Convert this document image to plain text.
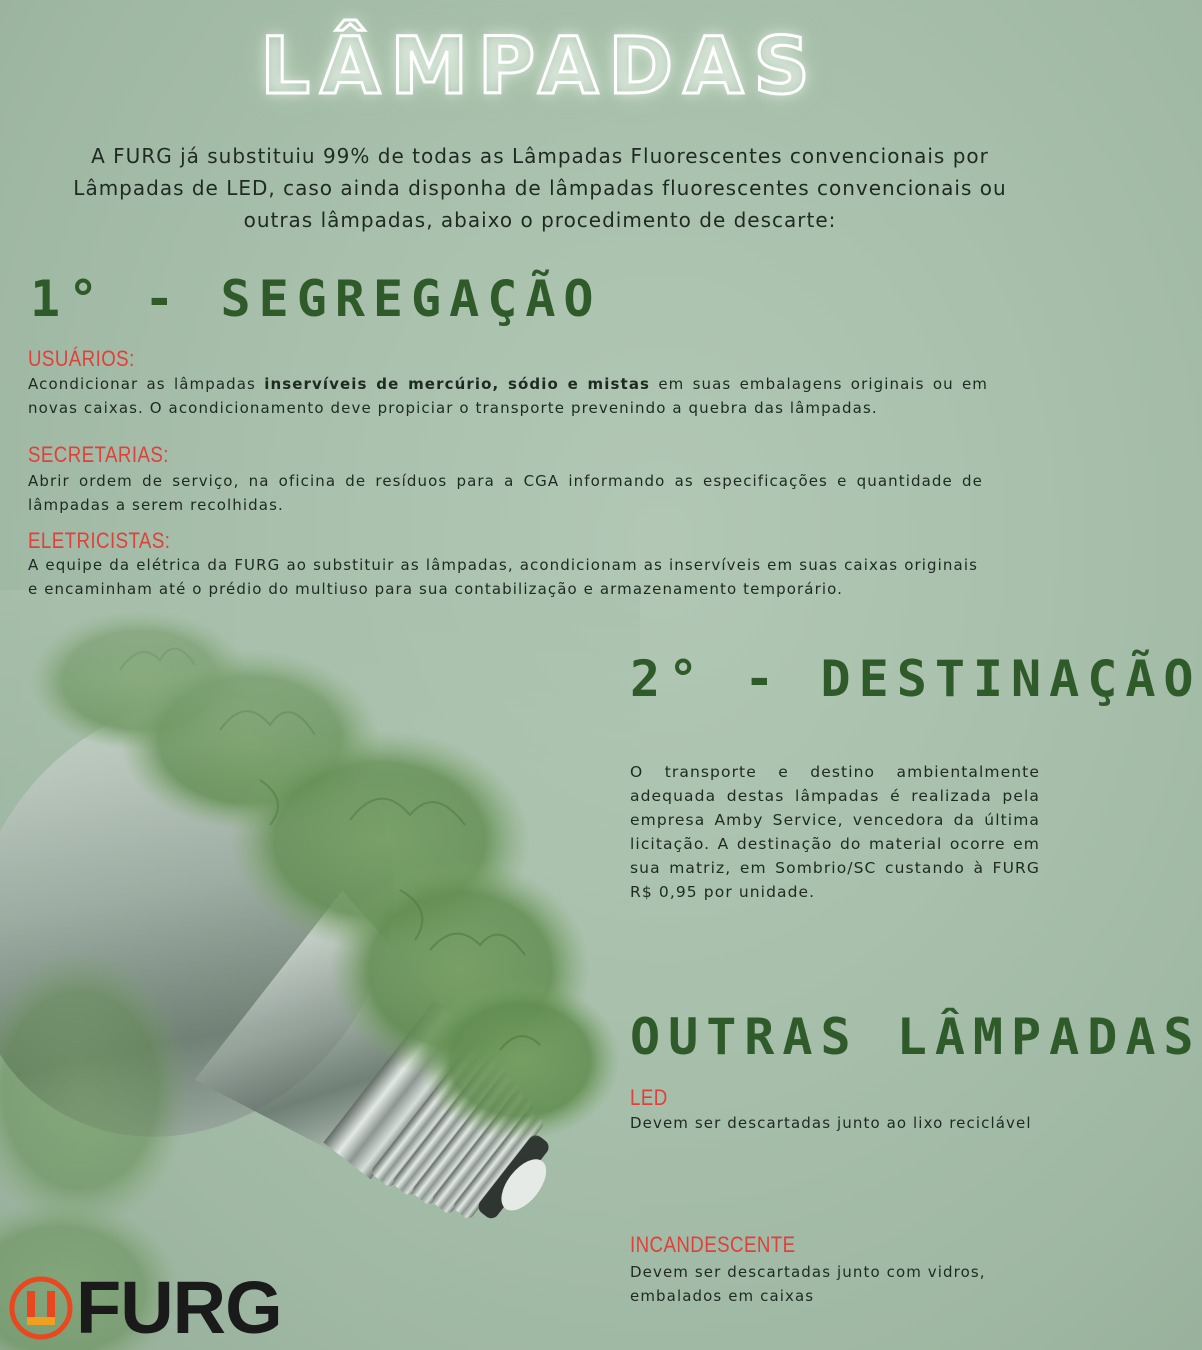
LÂMPADAS
A FURG já substituiu 99% de todas as Lâmpadas Fluorescentes convencionais por Lâmpadas de LED, caso ainda disponha de lâmpadas fluorescentes convencionais ou outras lâmpadas, abaixo o procedimento de descarte:
1° - SEGREGAÇÃO
USUÁRIOS:
Acondicionar as lâmpadas inservíveis de mercúrio, sódio e mistas em suas embalagens originais ou em novas caixas. O acondicionamento deve propiciar o transporte prevenindo a quebra das lâmpadas.
SECRETARIAS:
Abrir ordem de serviço, na oficina de resíduos para a CGA informando as especificações e quantidade de lâmpadas a serem recolhidas.
ELETRICISTAS:
A equipe da elétrica da FURG ao substituir as lâmpadas, acondicionam as inservíveis em suas caixas originais e encaminham até o prédio do multiuso para sua contabilização e armazenamento temporário.
2° - DESTINAÇÃO
O transporte e destino ambientalmente adequada destas lâmpadas é realizada pela empresa Amby Service, vencedora da última licitação. A destinação do material ocorre em sua matriz, em Sombrio/SC custando à FURG R$ 0,95 por unidade.
OUTRAS LÂMPADAS
LED
Devem ser descartadas junto ao lixo reciclável
INCANDESCENTE
Devem ser descartadas junto com vidros, embalados em caixas
FURG
